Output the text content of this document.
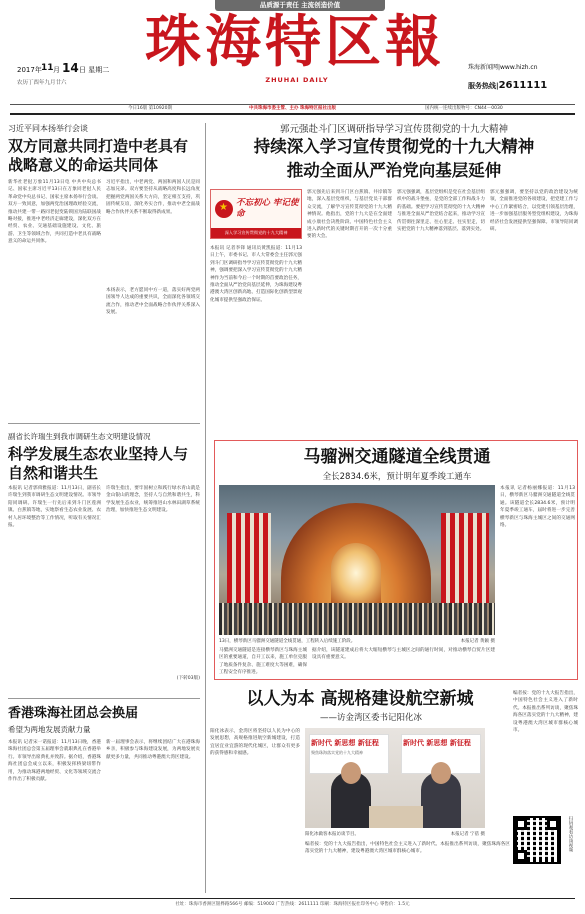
品质源于责任 主流创造价值
珠海特区報
ZHUHAI DAILY
2017年 11 月 14 日 星期二
农历丁酉年九月廿六
珠海新闻网|www.hizh.cn
服务热线|2611111
今日16版 第10920期	中共珠海市委主管、主办 珠海特区报社出版	国内统一连续出版物号：CN44－0030
习近平同本扬举行会谈
双方同意共同打造中老具有战略意义的命运共同体
新华社老挝万象11月13日电 中共中央总书记、国家主席习近平13日在万象同老挝人民革命党中央总书记、国家主席本扬举行会谈。双方一致同意，加强两党治国理政经验交流，推动共建一带一路同老挝变陆锁国为陆联国战略对接，推进中老经济走廊建设，深化双方在经贸、农业、交通基础设施建设、文化、旅游、卫生等领域合作，共同打造中老具有战略意义的命运共同体。
习近平指出，中老两党、两国和两国人民是同志加兄弟。双方要坚持从战略高度和长远角度把握两党两国关系大方向，坚定相互支持，巩固传统友谊，深化务实合作，推动中老全面战略合作伙伴关系不断取得新成果。
本扬表示，老方愿同中方一道，落实好两党两国领导人达成的重要共识，全面深化各领域交流合作，推动老中全面战略合作伙伴关系深入发展。
副省长许瑞生到我市调研生态文明建设情况
科学发展生态农业坚持人与自然和谐共生
本报讯 记者郭舜雅报道：11月13日，副省长许瑞生到我市调研生态文明建设情况。市领导陪同调研。许瑞生一行先后来到斗门区莲洲镇、白蕉镇等地，实地察看生态农业发展、农村人居环境整治等工作情况，听取有关情况汇报。
许瑞生指出，要牢固树立和践行绿水青山就是金山银山的理念，坚持人与自然和谐共生，科学发展生态农业，统筹推进山水林田湖草系统治理，加快推进生态文明建设。
(下转03版)
香港珠海社团总会换届
希望为两地发展贡献力量
本报讯 记者宋一诺报道：11月13日晚，香港珠海社团总会第五届理事会就职典礼在香港举行。市领导出席典礼并致辞。据介绍，香港珠海社团总会成立以来，积极发挥桥梁纽带作用，为推动珠港两地经贸、文化等领域交流合作作出了积极贡献。
新一届理事会表示，将继续团结广大在港珠海乡亲，积极参与珠海建设发展，为两地发展贡献更多力量，共同推动粤港澳大湾区建设。
郭元强赴斗门区调研指导学习宣传贯彻党的十九大精神
持续深入学习宣传贯彻党的十九大精神
推动全面从严治党向基层延伸
★ 不忘初心 牢记使命
深入学习宣传贯彻党的十九大精神
本报讯 记者李锋 通讯员黄凯报道：11月13日上午，市委书记、市人大常委会主任郭元强到斗门区调研指导学习宣传贯彻党的十九大精神，强调要把深入学习宣传贯彻党的十九大精神作为当前和今后一个时期的首要政治任务，推动全面从严治党向基层延伸，为珠海建设粤港澳大湾区创新高地、打造国际化创新型景观化城市提供坚强政治保证。
郭元强先后来到斗门区白蕉镇、井岸镇等地，深入基层党组织，与基层党员干部群众交流，了解学习宣传贯彻党的十九大精神情况。他指出，党的十九大是在全面建成小康社会决胜阶段、中国特色社会主义进入新时代的关键时期召开的一次十分重要的大会。
郭元强强调，基层党组织是党在社会基层组织中的战斗堡垒，是党的全部工作和战斗力的基础。要把学习宣传贯彻党的十九大精神与推进全面从严治党结合起来，推动学习宣传贯彻往深里走、往心里走、往实里走，切实把党的十九大精神落到基层、落到实处。
郭元强强调，要坚持以党的政治建设为统领，全面推进党的各项建设，把党建工作与中心工作紧密结合，以党建引领基层治理，进一步加强基层服务型党组织建设，为珠海经济社会发展提供坚强保障。市领导陪同调研。
马骝洲交通隧道全线贯通
全长2834.6米，预计明年夏季竣工通车
13日，横琴新区马骝洲交通隧道全线贯通，工程转入后续施工阶段。	本报记者 黄颖 摄
本报讯 记者杨丽娜报道：11月13日，横琴新区马骝洲交通隧道全线贯通。该隧道全长2834.6米，预计明年夏季竣工通车，届时将进一步完善横琴新区与珠海主城区之间的交通网络。
马骝洲交通隧道是连接横琴新区与珠海主城区的重要通道，自开工以来，施工单位克服了地质条件复杂、施工难度大等困难，确保工程安全有序推进。
据介绍，该隧道建成后将大大缩短横琴与主城区之间的通行时间，对推动横琴自贸片区建设具有重要意义。
以人为本 高规格建设航空新城
——访金湾区委书记阳化冰
编者按：党的十九大报告指出，中国特色社会主义进入了新时代。本报推出系列访谈，聚焦珠海各区落实党的十九大精神，建设粤港澳大湾区城市群核心城市。
新时代 新思想 新征程
聚焦珠海落实党的十九大精神
新时代 新思想 新征程
阳化冰做客本报访谈节目。	本报记者 宁蓓 摄
阳化冰表示，金湾区将坚持以人民为中心的发展思想，高规格推进航空新城建设，打造宜居宜业宜游的现代化城区，让群众有更多的获得感和幸福感。
编者按：党的十九大报告指出，中国特色社会主义进入了新时代。本报推出系列访谈，聚焦珠海各区落实党的十九大精神，建设粤港澳大湾区城市群核心城市。	扫码观看访谈视频
社址：珠海市香洲区银桦路566号 邮编：519002 广告热线：2611111 印刷：珠海特区报社印务中心 零售价：1.5元
